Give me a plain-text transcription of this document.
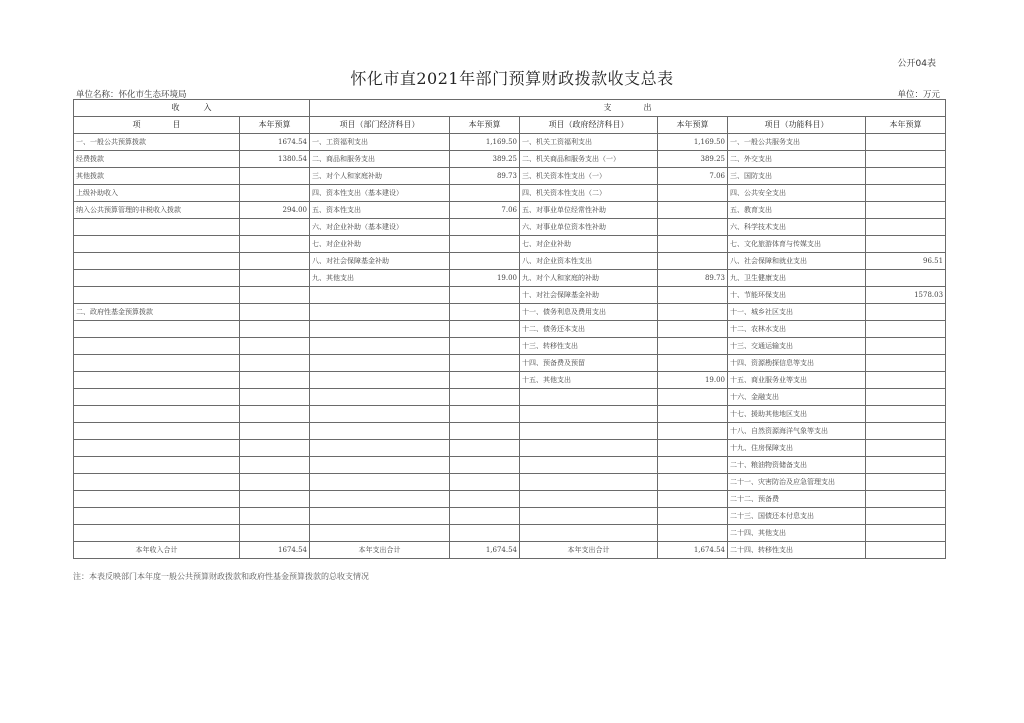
公开04表
怀化市直2021年部门预算财政拨款收支总表
单位名称：怀化市生态环境局	单位：万元
收　　　入		支　　　　出					
项　　　　目	本年预算	项目（部门经济科目）	本年预算	项目（政府经济科目）	本年预算	项目（功能科目）	本年预算
一、一般公共预算拨款	1674.54	一、工资福利支出	1,169.50	一、机关工资福利支出	1,169.50	一、一般公共服务支出	
经费拨款	1380.54	二、商品和服务支出	389.25	二、机关商品和服务支出（一）	389.25	二、外交支出	
其他拨款		三、对个人和家庭补助	89.73	三、机关资本性支出（一）	7.06	三、国防支出	
上级补助收入		四、资本性支出（基本建设）		四、机关资本性支出（二）		四、公共安全支出	
纳入公共预算管理的非税收入拨款	294.00	五、资本性支出	7.06	五、对事业单位经常性补助		五、教育支出	
		六、对企业补助（基本建设）		六、对事业单位资本性补助		六、科学技术支出	
		七、对企业补助		七、对企业补助		七、文化旅游体育与传媒支出	
		八、对社会保障基金补助		八、对企业资本性支出		八、社会保障和就业支出	96.51
		九、其他支出	19.00	九、对个人和家庭的补助	89.73	九、卫生健康支出	
				十、对社会保障基金补助		十、节能环保支出	1578.03
二、政府性基金预算拨款				十一、债务利息及费用支出		十一、城乡社区支出	
				十二、债务还本支出		十二、农林水支出	
				十三、转移性支出		十三、交通运输支出	
				十四、预备费及预留		十四、资源勘探信息等支出	
				十五、其他支出	19.00	十五、商业服务业等支出	
						十六、金融支出	
						十七、援助其他地区支出	
						十八、自然资源海洋气象等支出	
						十九、住房保障支出	
						二十、粮油物资储备支出	
						二十一、灾害防治及应急管理支出	
						二十二、预备费	
						二十三、国债还本付息支出	
						二十四、其他支出	
本年收入合计	1674.54	本年支出合计	1,674.54	本年支出合计	1,674.54	二十四、转移性支出	
注：本表反映部门本年度一般公共预算财政拨款和政府性基金预算拨款的总收支情况
